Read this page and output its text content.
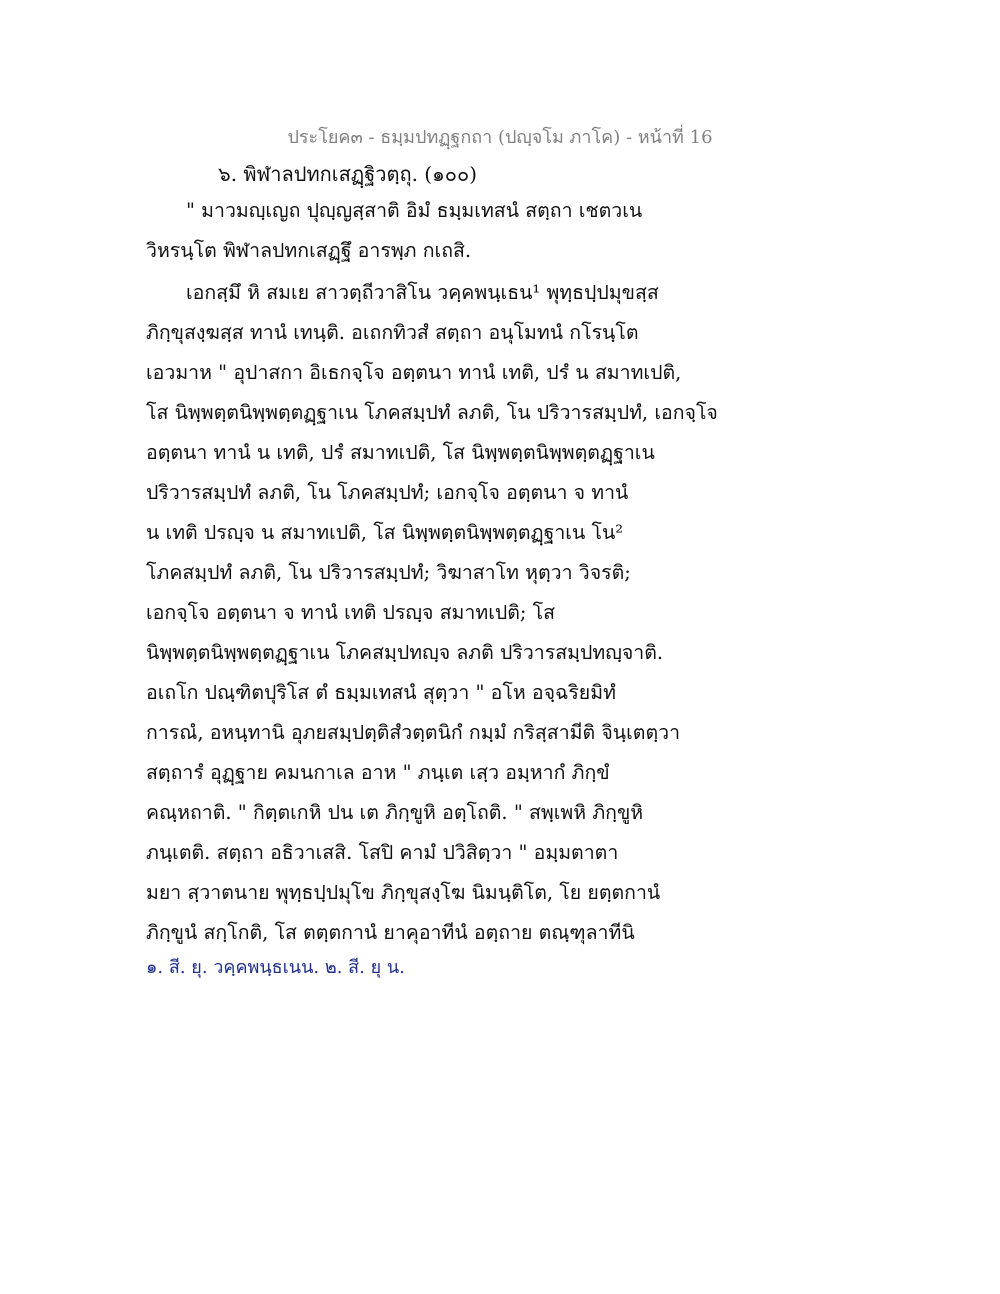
ประโยค๓ - ธมฺมปทฏฺฐกถา (ปญฺจโม ภาโค) - หน้าที่ 16
๖. พิฬาลปทกเสฏฺฐิวตฺถุ. (๑๐๐)
" มาวมญฺเญถ ปุญฺญสฺสาติ อิมํ ธมฺมเทสนํ สตฺถา เชตวเน
วิหรนฺโต พิฬาลปทกเสฏฺฐึ อารพฺภ กเถสิ.
เอกสฺมึ หิ สมเย สาวตฺถีวาสิโน วคฺคพนฺเธน¹ พุทฺธปฺปมุขสฺส
ภิกฺขุสงฺฆสฺส ทานํ เทนฺติ. อเถกทิวสํ สตฺถา อนุโมทนํ กโรนฺโต
เอวมาห " อุปาสกา อิเธกจฺโจ อตฺตนา ทานํ เทติ, ปรํ น สมาทเปติ,
โส นิพฺพตฺตนิพฺพตฺตฏฺฐาเน โภคสมฺปทํ ลภติ, โน ปริวารสมฺปทํ, เอกจฺโจ
อตฺตนา ทานํ น เทติ, ปรํ สมาทเปติ, โส นิพฺพตฺตนิพฺพตฺตฏฺฐาเน
ปริวารสมฺปทํ ลภติ, โน โภคสมฺปทํ; เอกจฺโจ อตฺตนา จ ทานํ
น เทติ ปรญฺจ น สมาทเปติ, โส นิพฺพตฺตนิพฺพตฺตฏฺฐาเน โน²
โภคสมฺปทํ ลภติ, โน ปริวารสมฺปทํ; วิฆาสาโท หุตฺวา วิจรติ;
เอกจฺโจ อตฺตนา จ ทานํ เทติ ปรญฺจ สมาทเปติ; โส
นิพฺพตฺตนิพฺพตฺตฏฺฐาเน โภคสมฺปทญฺจ ลภติ ปริวารสมฺปทญฺจาติ.
อเถโก ปณฺฑิตปุริโส ตํ ธมฺมเทสนํ สุตฺวา " อโห อจฺฉริยมิทํ
การณํ, อหนฺทานิ อุภยสมฺปตฺติสํวตฺตนิกํ กมฺมํ กริสฺสามีติ จินฺเตตฺวา
สตฺถารํ อุฏฺฐาย คมนกาเล อาห " ภนฺเต เสฺว อมฺหากํ ภิกฺขํ
คณฺหถาติ. " กิตฺตเกหิ ปน เต ภิกฺขูหิ อตฺโถติ. " สพฺเพหิ ภิกฺขูหิ
ภนฺเตติ. สตฺถา อธิวาเสสิ. โสปิ คามํ ปวิสิตฺวา " อมฺมตาตา
มยา สฺวาตนาย พุทฺธปฺปมุโข ภิกฺขุสงฺโฆ นิมนฺติโต, โย ยตฺตกานํ
ภิกฺขูนํ สกฺโกติ, โส ตตฺตกานํ ยาคุอาทีนํ อตฺถาย ตณฺฑุลาทีนิ
๑. สี. ยุ. วคฺคพนฺธเนน. ๒. สี. ยุ น.
